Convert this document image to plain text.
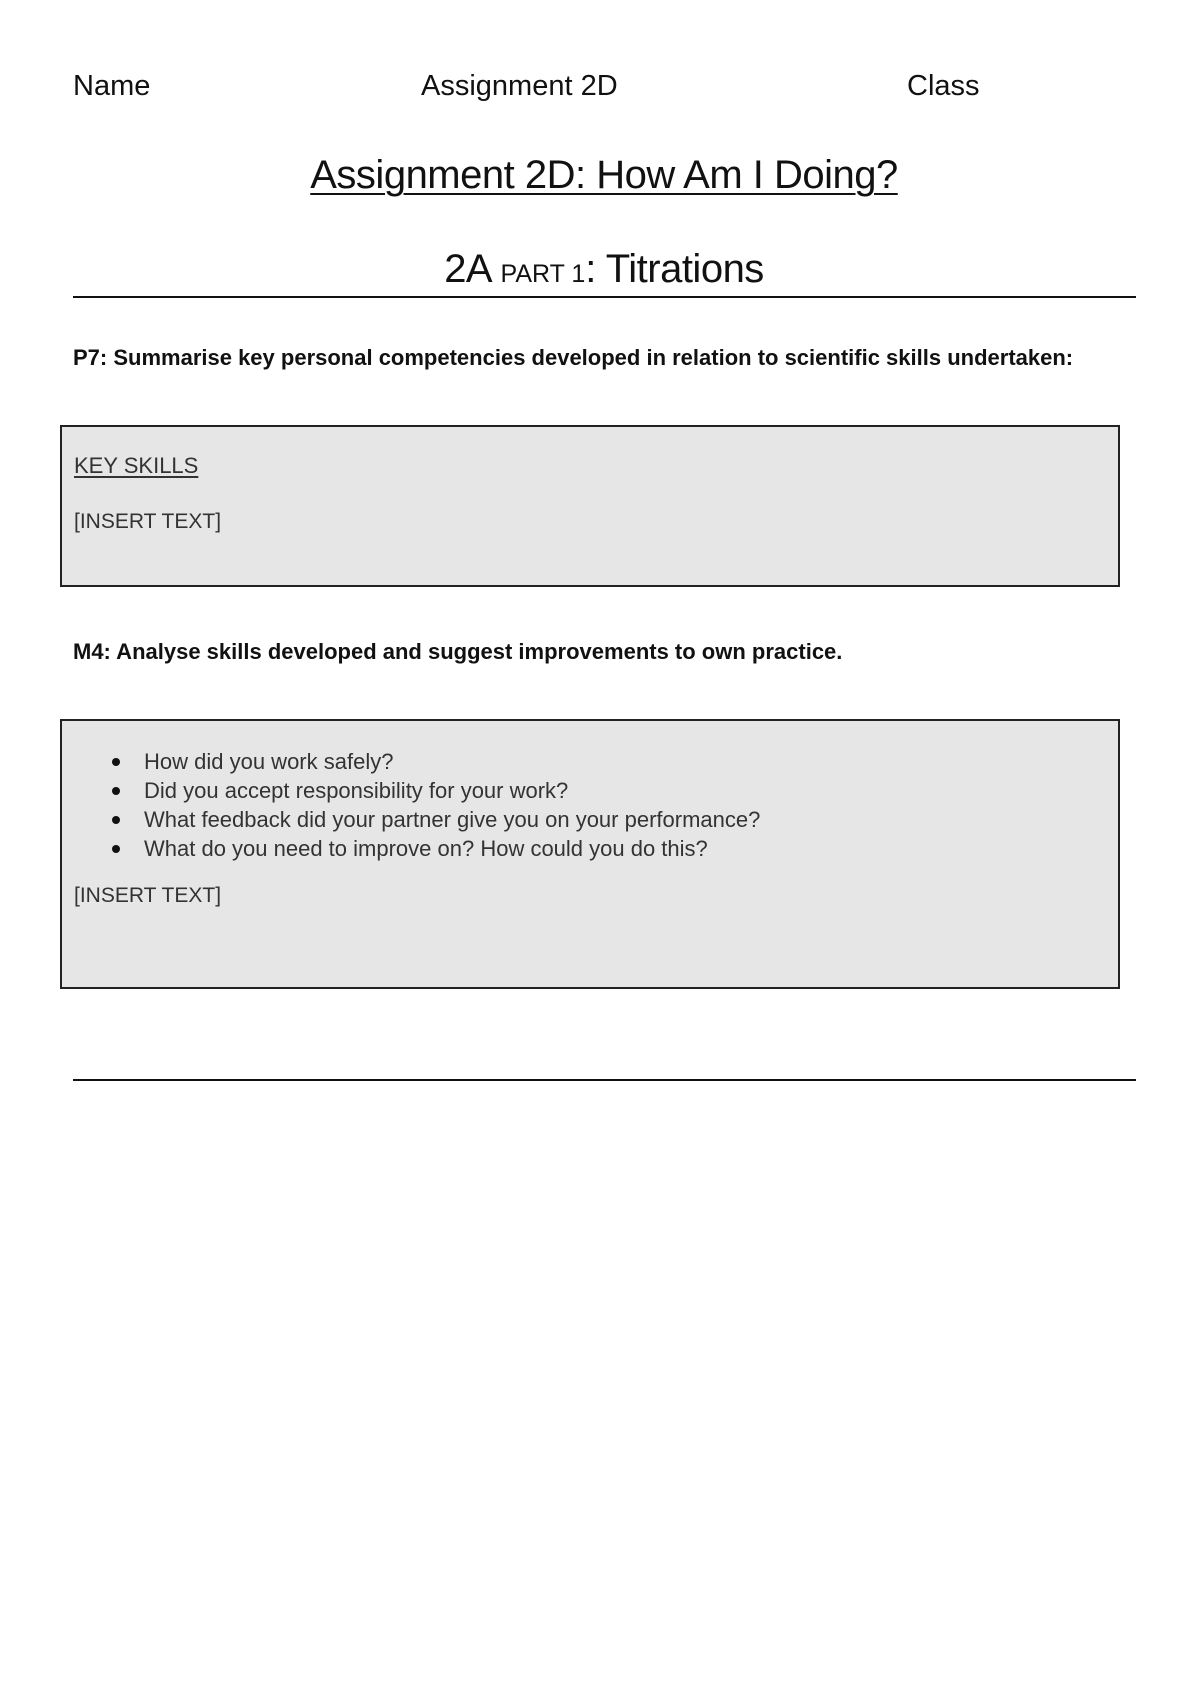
Name	Assignment 2D	Class
Assignment 2D: How Am I Doing?
2A PART 1: Titrations
P7: Summarise key personal competencies developed in relation to scientific skills undertaken:
KEY SKILLS
[INSERT TEXT]
M4: Analyse skills developed and suggest improvements to own practice.
How did you work safely?
Did you accept responsibility for your work?
What feedback did your partner give you on your performance?
What do you need to improve on? How could you do this?
[INSERT TEXT]
